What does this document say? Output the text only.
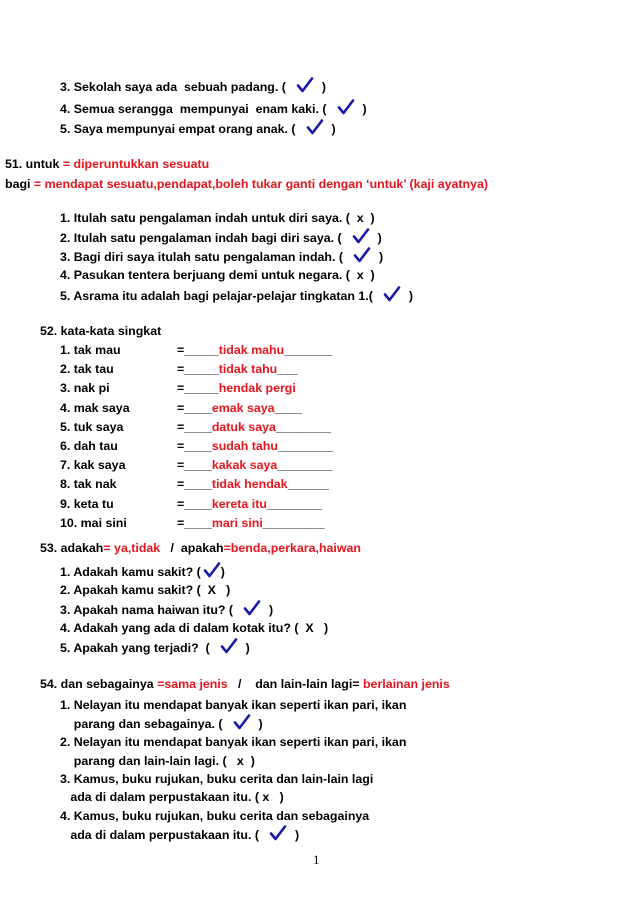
3. Sekolah saya ada  sebuah padang. (	)
4. Semua serangga  mempunyai  enam kaki. (	)
5. Saya mempunyai empat orang anak. (	)
51. untuk = diperuntukkan sesuatu
bagi = mendapat sesuatu,pendapat,boleh tukar ganti dengan ‘untuk’ (kaji ayatnya)
1. Itulah satu pengalaman indah untuk diri saya. (  x  )
2. Itulah satu pengalaman indah bagi diri saya. (	)
3. Bagi diri saya itulah satu pengalaman indah. (	)
4. Pasukan tentera berjuang demi untuk negara. (  x  )
5. Asrama itu adalah bagi pelajar-pelajar tingkatan 1.(	)
52. kata-kata singkat
1. tak mau	=_____tidak mahu_______
2. tak tau	=_____tidak tahu___
3. nak pi	=_____hendak pergi
4. mak saya	=____emak saya____
5. tuk saya	=____datuk saya________
6. dah tau	=____sudah tahu________
7. kak saya	=____kakak saya________
8. tak nak	=____tidak hendak______
9. keta tu	=____kereta itu________
10. mai sini	=____mari sini_________
53. adakah= ya,tidak   /  apakah=benda,perkara,haiwan
1. Adakah kamu sakit? ( )
2. Apakah kamu sakit? (  X   )
3. Apakah nama haiwan itu? (	)
4. Adakah yang ada di dalam kotak itu? (  X   )
5. Apakah yang terjadi?  (	)
54. dan sebagainya =sama jenis   /    dan lain-lain lagi= berlainan jenis
1. Nelayan itu mendapat banyak ikan seperti ikan pari, ikan
parang dan sebagainya. (	)
2. Nelayan itu mendapat banyak ikan seperti ikan pari, ikan
parang dan lain-lain lagi. (   x  )
3. Kamus, buku rujukan, buku cerita dan lain-lain lagi
ada di dalam perpustakaan itu. ( x   )
4. Kamus, buku rujukan, buku cerita dan sebagainya
ada di dalam perpustakaan itu. (	)
1
